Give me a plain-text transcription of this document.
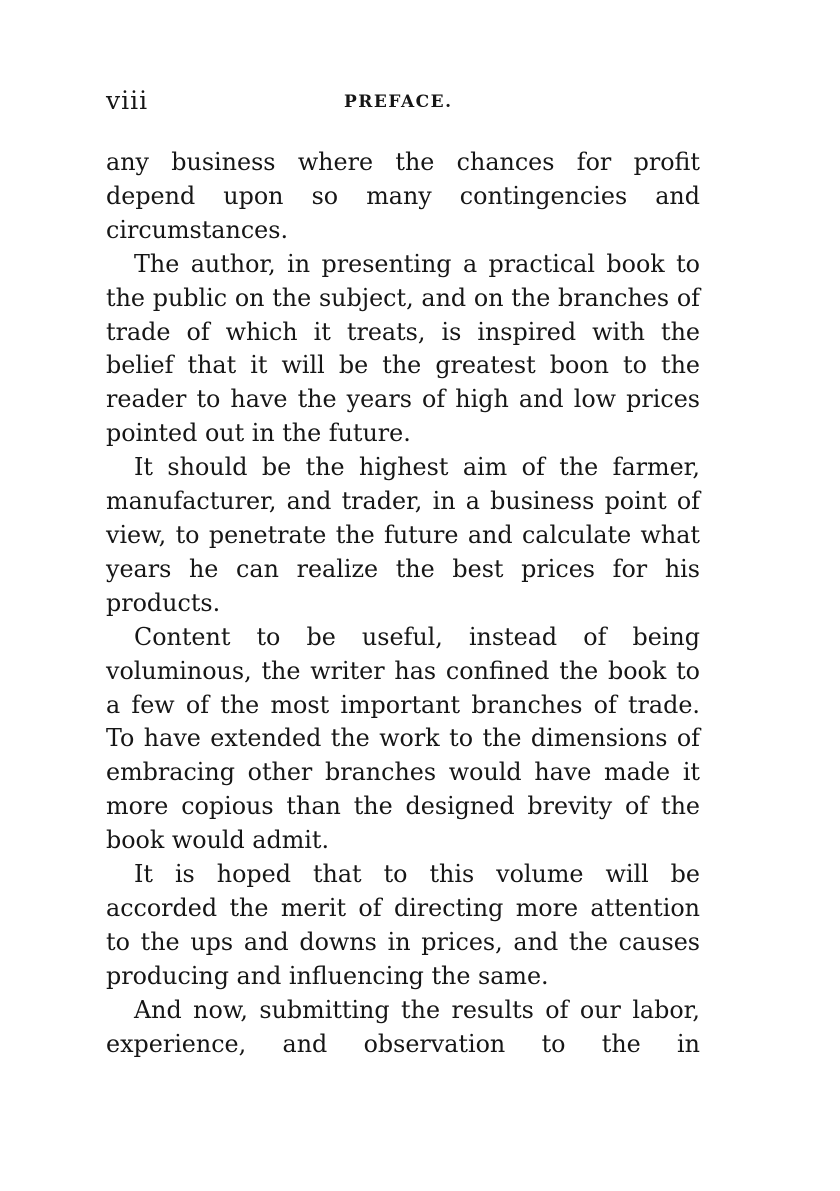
viii	PREFACE.

any business where the chances for profit depend upon so many contingencies and circumstances.

The author, in presenting a practical book to the public on the subject, and on the branches of trade of which it treats, is inspired with the belief that it will be the greatest boon to the reader to have the years of high and low prices pointed out in the future.

It should be the highest aim of the farmer, manufacturer, and trader, in a business point of view, to penetrate the future and calculate what years he can realize the best prices for his products.

Content to be useful, instead of being voluminous, the writer has confined the book to a few of the most important branches of trade. To have extended the work to the dimensions of embracing other branches would have made it more copious than the designed brevity of the book would admit.

It is hoped that to this volume will be accorded the merit of directing more attention to the ups and downs in prices, and the causes producing and influencing the same.

And now, submitting the results of our labor, experience, and observation to the in
